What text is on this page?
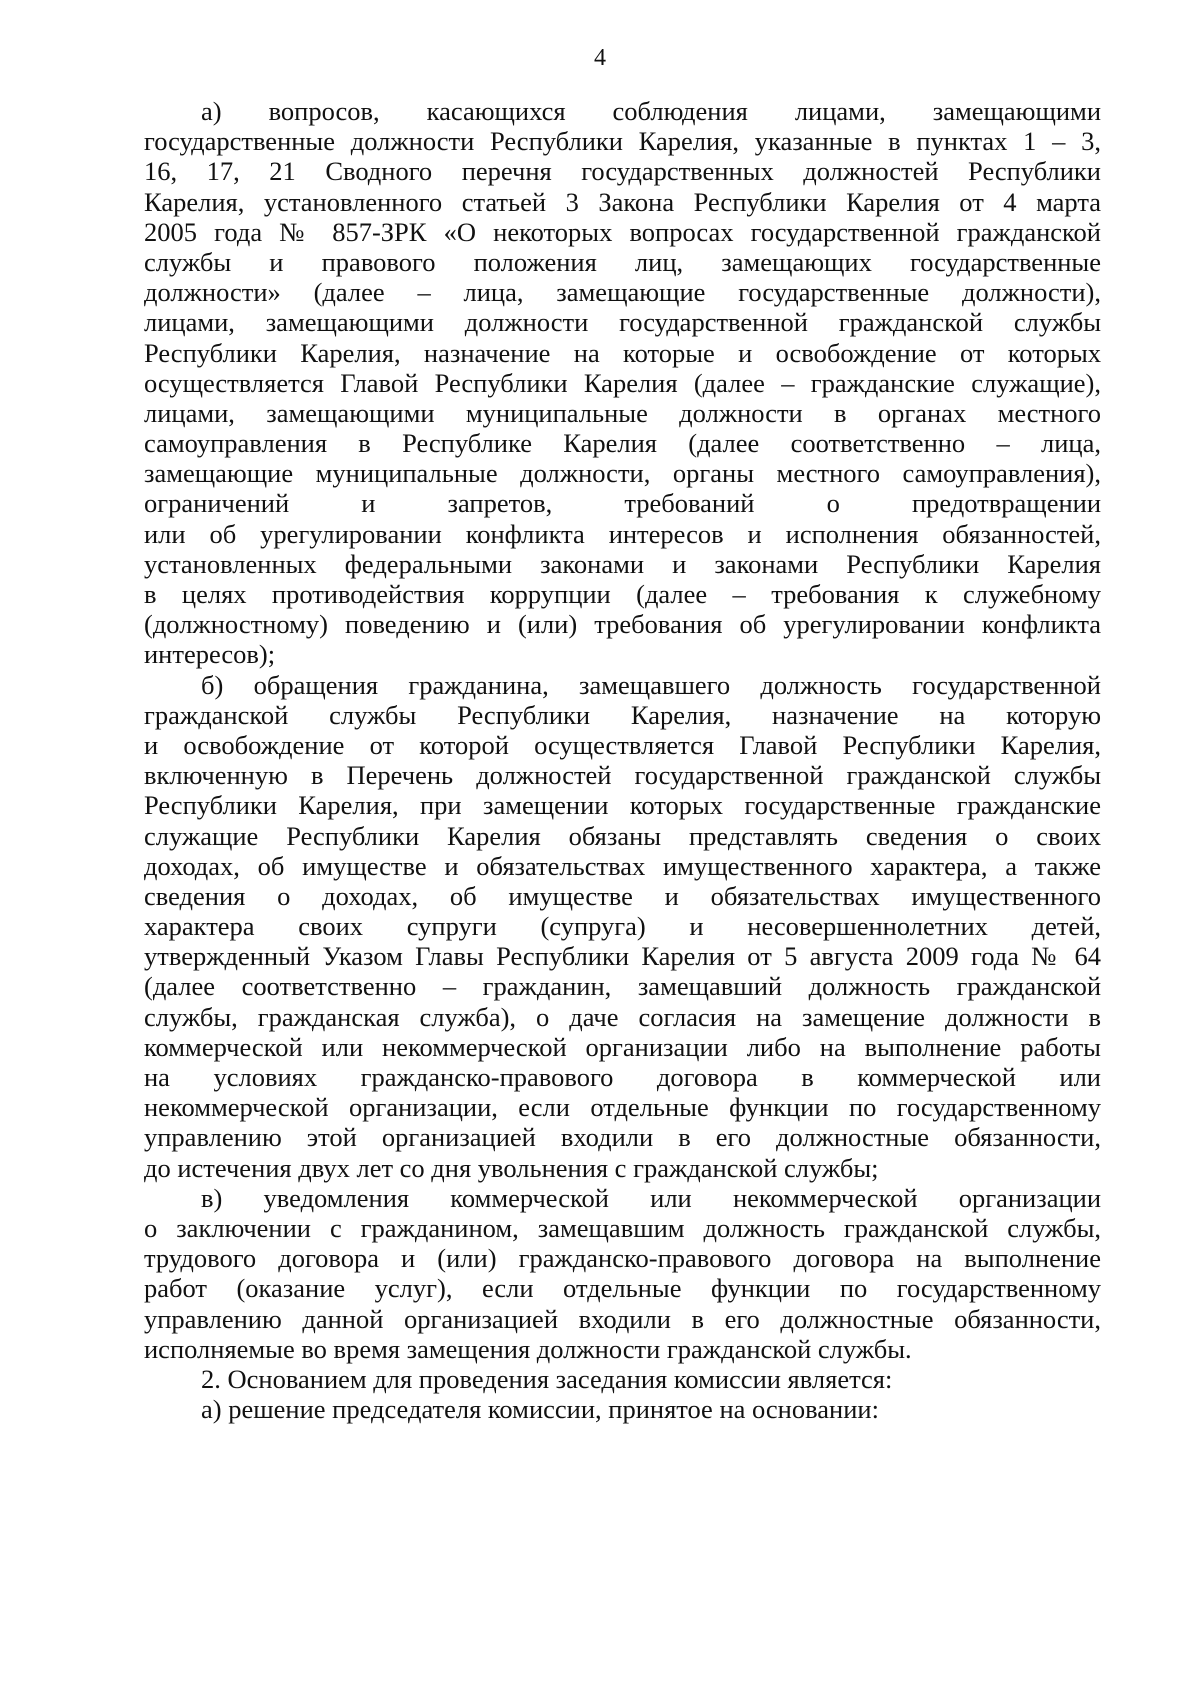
4
а) вопросов, касающихся соблюдения лицами, замещающими
государственные должности Республики Карелия, указанные в пунктах 1 – 3,
16, 17, 21 Сводного перечня государственных должностей Республики
Карелия, установленного статьей 3 Закона Республики Карелия от 4 марта
2005 года № 857-ЗРК «О некоторых вопросах государственной гражданской
службы и правового положения лиц, замещающих государственные
должности» (далее – лица, замещающие государственные должности),
лицами, замещающими должности государственной гражданской службы
Республики Карелия, назначение на которые и освобождение от которых
осуществляется Главой Республики Карелия (далее – гражданские служащие),
лицами, замещающими муниципальные должности в органах местного
самоуправления в Республике Карелия (далее соответственно – лица,
замещающие муниципальные должности, органы местного самоуправления),
ограничений и запретов, требований о предотвращении
или об урегулировании конфликта интересов и исполнения обязанностей,
установленных федеральными законами и законами Республики Карелия
в целях противодействия коррупции (далее – требования к служебному
(должностному) поведению и (или) требования об урегулировании конфликта
интересов);
б) обращения гражданина, замещавшего должность государственной
гражданской службы Республики Карелия, назначение на которую
и освобождение от которой осуществляется Главой Республики Карелия,
включенную в Перечень должностей государственной гражданской службы
Республики Карелия, при замещении которых государственные гражданские
служащие Республики Карелия обязаны представлять сведения о своих
доходах, об имуществе и обязательствах имущественного характера, а также
сведения о доходах, об имуществе и обязательствах имущественного
характера своих супруги (супруга) и несовершеннолетних детей,
утвержденный Указом Главы Республики Карелия от 5 августа 2009 года № 64
(далее соответственно – гражданин, замещавший должность гражданской
службы, гражданская служба), о даче согласия на замещение должности в
коммерческой или некоммерческой организации либо на выполнение работы
на условиях гражданско-правового договора в коммерческой или
некоммерческой организации, если отдельные функции по государственному
управлению этой организацией входили в его должностные обязанности,
до истечения двух лет со дня увольнения с гражданской службы;
в) уведомления коммерческой или некоммерческой организации
о заключении с гражданином, замещавшим должность гражданской службы,
трудового договора и (или) гражданско-правового договора на выполнение
работ (оказание услуг), если отдельные функции по государственному
управлению данной организацией входили в его должностные обязанности,
исполняемые во время замещения должности гражданской службы.
2. Основанием для проведения заседания комиссии является:
а) решение председателя комиссии, принятое на основании:
